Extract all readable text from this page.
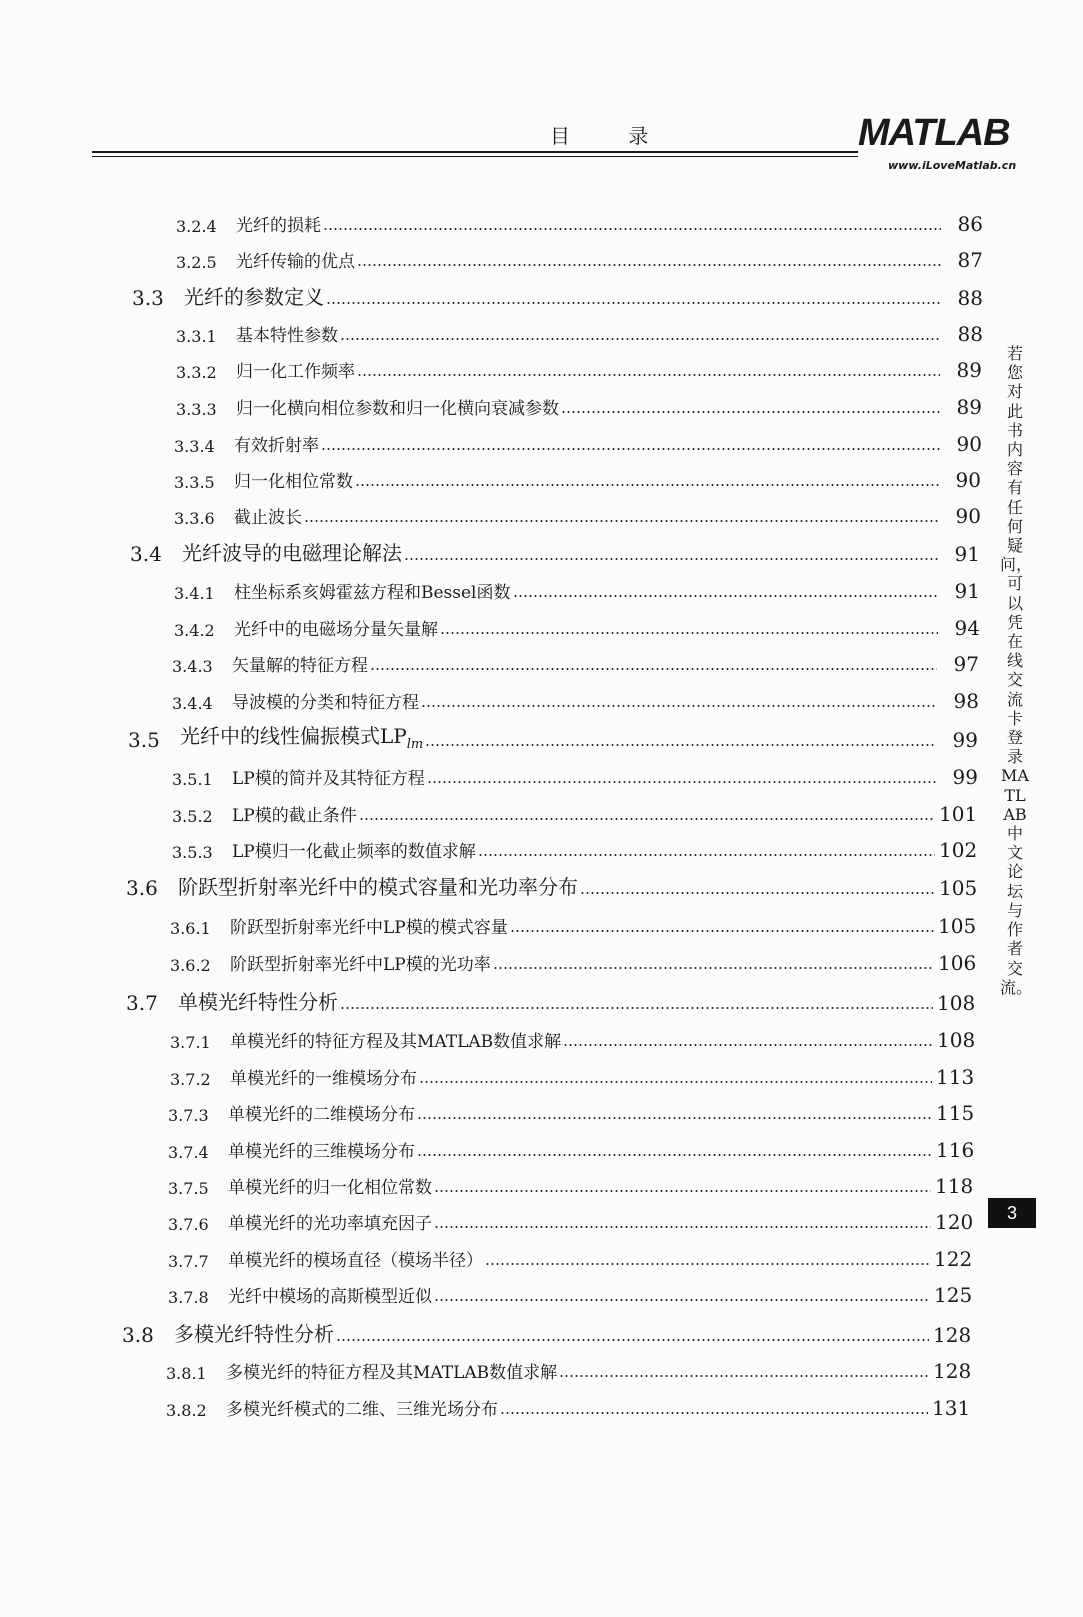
目 录	MATLAB
www.iLoveMatlab.cn
3.2.4	光纤的损耗	86
3.2.5	光纤传输的优点	87
3.3	光纤的参数定义	88
3.3.1	基本特性参数	88
3.3.2	归一化工作频率	89
3.3.3	归一化横向相位参数和归一化横向衰减参数	89
3.3.4	有效折射率	90
3.3.5	归一化相位常数	90
3.3.6	截止波长	90
3.4	光纤波导的电磁理论解法	91
3.4.1	柱坐标系亥姆霍兹方程和Bessel函数	91
3.4.2	光纤中的电磁场分量矢量解	94
3.4.3	矢量解的特征方程	97
3.4.4	导波模的分类和特征方程	98
3.5	光纤中的线性偏振模式$LP_{lm}$	99
3.5.1	LP模的简并及其特征方程	99
3.5.2	LP模的截止条件	101
3.5.3	LP模归一化截止频率的数值求解	102
3.6	阶跃型折射率光纤中的模式容量和光功率分布	105
3.6.1	阶跃型折射率光纤中LP模的模式容量	105
3.6.2	阶跃型折射率光纤中LP模的光功率	106
3.7	单模光纤特性分析	108
3.7.1	单模光纤的特征方程及其MATLAB数值求解	108
3.7.2	单模光纤的一维模场分布	113
3.7.3	单模光纤的二维模场分布	115
3.7.4	单模光纤的三维模场分布	116
3.7.5	单模光纤的归一化相位常数	118
3.7.6	单模光纤的光功率填充因子	120
3.7.7	单模光纤的模场直径（模场半径）	122
3.7.8	光纤中模场的高斯模型近似	125
3.8	多模光纤特性分析	128
3.8.1	多模光纤的特征方程及其MATLAB数值求解	128
3.8.2	多模光纤模式的二维、三维光场分布	131
若您对此书内容有任何疑问，可以凭在线交流卡登录MATLAB中文论坛与作者交流。
3
